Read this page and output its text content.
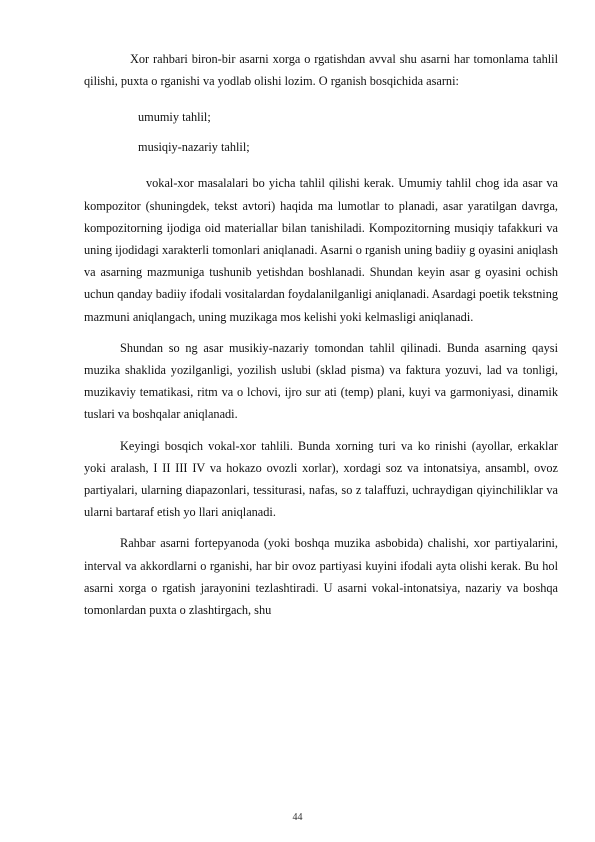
Xor rahbari biron-bir asarni xorga o rgatishdan avval shu asarni har tomonlama tahlil qilishi, puxta o rganishi va yodlab olishi lozim. O rganish bosqichida asarni:

umumiy tahlil;
musiqiy-nazariy tahlil;

vokal-xor masalalari bo yicha tahlil qilishi kerak. Umumiy tahlil chog ida asar va kompozitor (shuningdek, tekst avtori) haqida ma lumotlar to planadi, asar yaratilgan davrga, kompozitorning ijodiga oid materiallar bilan tanishiladi. Kompozitorning musiqiy tafakkuri va uning ijodidagi xarakterli tomonlari aniqlanadi. Asarni o rganish uning badiiy g oyasini aniqlash va asarning mazmuniga tushunib yetishdan boshlanadi. Shundan keyin asar g oyasini ochish uchun qanday badiiy ifodali vositalardan foydalanilganligi aniqlanadi. Asardagi poetik tekstning mazmuni aniqlangach, uning muzikaga mos kelishi yoki kelmasligi aniqlanadi.

Shundan so ng asar musikiy-nazariy tomondan tahlil qilinadi. Bunda asarning qaysi muzika shaklida yozilganligi, yozilish uslubi (sklad pisma) va faktura yozuvi, lad va tonligi, muzikaviy tematikasi, ritm va o lchovi, ijro sur ati (temp) plani, kuyi va garmoniyasi, dinamik tuslari va boshqalar aniqlanadi.

Keyingi bosqich vokal-xor tahlili. Bunda xorning turi va ko rinishi (ayollar, erkaklar yoki aralash, I II III IV va hokazo ovozli xorlar), xordagi soz va intonatsiya, ansambl, ovoz partiyalari, ularning diapazonlari, tessiturasi, nafas, so z talaffuzi, uchraydigan qiyinchiliklar va ularni bartaraf etish yo llari aniqlanadi.

Rahbar asarni fortepyanoda (yoki boshqa muzika asbobida) chalishi, xor partiyalarini, interval va akkordlarni o rganishi, har bir ovoz partiyasi kuyini ifodali ayta olishi kerak. Bu hol asarni xorga o rgatish jarayonini tezlashtiradi. U asarni vokal-intonatsiya, nazariy va boshqa tomonlardan puxta o zlashtirgach, shu

44
